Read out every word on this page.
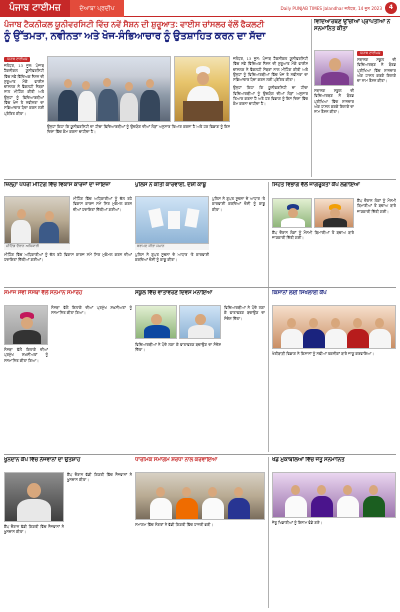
ਪੰਜਾਬ ਟਾਈਮਜ਼	ਦੋਆਬਾ ਪ੍ਰਦੀਪ	Daily PUNJAB TIMES Jalandhar ਜਲੰਧਰ, 14 ਜੂਨ 2023	4
ਪੰਜਾਬ ਟੈਕਨੀਕਲ ਯੂਨੀਵਰਸਿਟੀ ਵਿੱਚ ਨਵੇਂ ਸੈਸ਼ਨ ਦੀ ਸ਼ੁਰੂਆਤ: ਵਾਈਸ ਚਾਂਸਲਰ ਵੱਲੋਂ ਫੈਕਲਟੀ
ਨੂੰ ਉੱਤਮਤਾ, ਨਵੀਨਤਾ ਅਤੇ ਖੋਜ-ਸੰਭਿਆਚਾਰ ਨੂੰ ਉਤਸ਼ਾਹਿਤ ਕਰਨ ਦਾ ਸੱਦਾ
ਪੰਜਾਬ ਟਾਈਮਜ਼
ਜਲੰਧਰ, 13 ਜੂਨ: ਪੰਜਾਬ ਟੈਕਨੀਕਲ ਯੂਨੀਵਰਸਿਟੀ ਵਿੱਚ ਨਵੇਂ ਵਿੱਦਿਅਕ ਸੈਸ਼ਨ ਦੀ ਸ਼ੁਰੂਆਤ ਮੌਕੇ ਵਾਈਸ ਚਾਂਸਲਰ ਨੇ ਫੈਕਲਟੀ ਮੈਂਬਰਾਂ ਨਾਲ ਮੀਟਿੰਗ ਕੀਤੀ ਅਤੇ ਉਨ੍ਹਾਂ ਨੂੰ ਵਿਦਿਆਰਥੀਆਂ ਵਿੱਚ ਖੋਜ ਤੇ ਨਵੀਨਤਾ ਦਾ ਸਭਿਆਚਾਰ ਪੈਦਾ ਕਰਨ ਲਈ ਪ੍ਰੇਰਿਤ ਕੀਤਾ।
ਉਨ੍ਹਾਂ ਕਿਹਾ ਕਿ ਯੂਨੀਵਰਸਿਟੀ ਦਾ ਟੀਚਾ ਵਿਦਿਆਰਥੀਆਂ ਨੂੰ ਉਦਯੋਗ ਦੀਆਂ ਲੋੜਾਂ ਅਨੁਸਾਰ ਤਿਆਰ ਕਰਨਾ ਹੈ ਅਤੇ ਹਰ ਵਿਭਾਗ ਨੂੰ ਇਸ ਦਿਸ਼ਾ ਵਿੱਚ ਕੰਮ ਕਰਨਾ ਚਾਹੀਦਾ ਹੈ।
ਜਲੰਧਰ, 13 ਜੂਨ: ਪੰਜਾਬ ਟੈਕਨੀਕਲ ਯੂਨੀਵਰਸਿਟੀ ਵਿੱਚ ਨਵੇਂ ਵਿੱਦਿਅਕ ਸੈਸ਼ਨ ਦੀ ਸ਼ੁਰੂਆਤ ਮੌਕੇ ਵਾਈਸ ਚਾਂਸਲਰ ਨੇ ਫੈਕਲਟੀ ਮੈਂਬਰਾਂ ਨਾਲ ਮੀਟਿੰਗ ਕੀਤੀ ਅਤੇ ਉਨ੍ਹਾਂ ਨੂੰ ਵਿਦਿਆਰਥੀਆਂ ਵਿੱਚ ਖੋਜ ਤੇ ਨਵੀਨਤਾ ਦਾ ਸਭਿਆਚਾਰ ਪੈਦਾ ਕਰਨ ਲਈ ਪ੍ਰੇਰਿਤ ਕੀਤਾ।
ਉਨ੍ਹਾਂ ਕਿਹਾ ਕਿ ਯੂਨੀਵਰਸਿਟੀ ਦਾ ਟੀਚਾ ਵਿਦਿਆਰਥੀਆਂ ਨੂੰ ਉਦਯੋਗ ਦੀਆਂ ਲੋੜਾਂ ਅਨੁਸਾਰ ਤਿਆਰ ਕਰਨਾ ਹੈ ਅਤੇ ਹਰ ਵਿਭਾਗ ਨੂੰ ਇਸ ਦਿਸ਼ਾ ਵਿੱਚ ਕੰਮ ਕਰਨਾ ਚਾਹੀਦਾ ਹੈ।
ਵਿਦਿਆਰਥਣ ਉੱਚੀਆਂ ਪ੍ਰਾਪਤੀਆਂ ਨੇ ਸਨਮਾਨਿਤ ਕੀਤਾ
ਪੰਜਾਬ ਟਾਈਮਜ਼
ਸਥਾਨਕ ਸਕੂਲ ਦੀ ਵਿਦਿਆਰਥਣ ਨੇ ਬੋਰਡ ਪ੍ਰੀਖਿਆ ਵਿੱਚ ਸ਼ਾਨਦਾਰ ਅੰਕ ਹਾਸਲ ਕਰਕੇ ਇਲਾਕੇ ਦਾ ਨਾਮ ਰੌਸ਼ਨ ਕੀਤਾ।
ਸਥਾਨਕ ਸਕੂਲ ਦੀ ਵਿਦਿਆਰਥਣ ਨੇ ਬੋਰਡ ਪ੍ਰੀਖਿਆ ਵਿੱਚ ਸ਼ਾਨਦਾਰ ਅੰਕ ਹਾਸਲ ਕਰਕੇ ਇਲਾਕੇ ਦਾ ਨਾਮ ਰੌਸ਼ਨ ਕੀਤਾ।
ਜ਼ਿਲ੍ਹਾ ਪੱਧਰੀ ਮੀਟਿੰਗ ਵਿੱਚ ਵਿਕਾਸ ਕਾਰਜਾਂ ਦਾ ਜਾਇਜ਼ਾ
ਮੀਟਿੰਗ ਦੌਰਾਨ ਅਧਿਕਾਰੀ
ਮੀਟਿੰਗ ਵਿੱਚ ਅਧਿਕਾਰੀਆਂ ਨੂੰ ਚੱਲ ਰਹੇ ਵਿਕਾਸ ਕਾਰਜ ਸਮੇਂ ਸਿਰ ਮੁਕੰਮਲ ਕਰਨ ਦੀਆਂ ਹਦਾਇਤਾਂ ਦਿੱਤੀਆਂ ਗਈਆਂ।
ਮੀਟਿੰਗ ਵਿੱਚ ਅਧਿਕਾਰੀਆਂ ਨੂੰ ਚੱਲ ਰਹੇ ਵਿਕਾਸ ਕਾਰਜ ਸਮੇਂ ਸਿਰ ਮੁਕੰਮਲ ਕਰਨ ਦੀਆਂ ਹਦਾਇਤਾਂ ਦਿੱਤੀਆਂ ਗਈਆਂ।
ਪੁਲਿਸ ਨੇ ਕੀਤੀ ਕਾਰਵਾਈ, ਦੋਸ਼ੀ ਕਾਬੂ
ਬਰਾਮਦ ਕੀਤਾ ਸਮਾਨ
ਪੁਲਿਸ ਨੇ ਗੁਪਤ ਸੂਚਨਾ ਦੇ ਆਧਾਰ 'ਤੇ ਕਾਰਵਾਈ ਕਰਦਿਆਂ ਦੋਸ਼ੀ ਨੂੰ ਕਾਬੂ ਕੀਤਾ।
ਪੁਲਿਸ ਨੇ ਗੁਪਤ ਸੂਚਨਾ ਦੇ ਆਧਾਰ 'ਤੇ ਕਾਰਵਾਈ ਕਰਦਿਆਂ ਦੋਸ਼ੀ ਨੂੰ ਕਾਬੂ ਕੀਤਾ।
ਸਿਹਤ ਵਿਭਾਗ ਵੱਲੋਂ ਜਾਗਰੂਕਤਾ ਕੈਂਪ ਲਗਾਇਆ
ਕੈਂਪ ਦੌਰਾਨ ਲੋਕਾਂ ਨੂੰ ਮੌਸਮੀ ਬਿਮਾਰੀਆਂ ਤੋਂ ਬਚਾਅ ਬਾਰੇ ਜਾਣਕਾਰੀ ਦਿੱਤੀ ਗਈ।
ਕੈਂਪ ਦੌਰਾਨ ਲੋਕਾਂ ਨੂੰ ਮੌਸਮੀ ਬਿਮਾਰੀਆਂ ਤੋਂ ਬਚਾਅ ਬਾਰੇ ਜਾਣਕਾਰੀ ਦਿੱਤੀ ਗਈ।
ਸਮਾਜ ਸੇਵੀ ਸੰਸਥਾ ਵੱਲੋਂ ਸਨਮਾਨ ਸਮਾਰੋਹ
ਸੰਸਥਾ ਵੱਲੋਂ ਇਲਾਕੇ ਦੀਆਂ ਪ੍ਰਮੁੱਖ ਸ਼ਖ਼ਸੀਅਤਾਂ ਨੂੰ ਸਨਮਾਨਿਤ ਕੀਤਾ ਗਿਆ।
ਸੰਸਥਾ ਵੱਲੋਂ ਇਲਾਕੇ ਦੀਆਂ ਪ੍ਰਮੁੱਖ ਸ਼ਖ਼ਸੀਅਤਾਂ ਨੂੰ ਸਨਮਾਨਿਤ ਕੀਤਾ ਗਿਆ।
ਸਕੂਲ ਵਿੱਚ ਵਾਤਾਵਰਣ ਦਿਵਸ ਮਨਾਇਆ
ਵਿਦਿਆਰਥੀਆਂ ਨੇ ਪੌਦੇ ਲਗਾ ਕੇ ਵਾਤਾਵਰਣ ਬਚਾਉਣ ਦਾ ਸੰਦੇਸ਼ ਦਿੱਤਾ।
ਵਿਦਿਆਰਥੀਆਂ ਨੇ ਪੌਦੇ ਲਗਾ ਕੇ ਵਾਤਾਵਰਣ ਬਚਾਉਣ ਦਾ ਸੰਦੇਸ਼ ਦਿੱਤਾ।
ਕਿਸਾਨਾਂ ਲਈ ਸਿਖਲਾਈ ਕੈਂਪ
ਖੇਤੀਬਾੜੀ ਵਿਭਾਗ ਨੇ ਕਿਸਾਨਾਂ ਨੂੰ ਨਵੀਆਂ ਤਕਨੀਕਾਂ ਬਾਰੇ ਜਾਣੂ ਕਰਵਾਇਆ।
ਖੂਨਦਾਨ ਕੈਂਪ ਵਿੱਚ ਨੌਜਵਾਨਾਂ ਦਾ ਉਤਸ਼ਾਹ
ਕੈਂਪ ਦੌਰਾਨ ਵੱਡੀ ਗਿਣਤੀ ਵਿੱਚ ਨੌਜਵਾਨਾਂ ਨੇ ਖੂਨਦਾਨ ਕੀਤਾ।
ਕੈਂਪ ਦੌਰਾਨ ਵੱਡੀ ਗਿਣਤੀ ਵਿੱਚ ਨੌਜਵਾਨਾਂ ਨੇ ਖੂਨਦਾਨ ਕੀਤਾ।
ਧਾਰਮਿਕ ਸਮਾਗਮ ਸ਼ਰਧਾ ਨਾਲ ਕਰਵਾਇਆ
ਸਮਾਗਮ ਵਿੱਚ ਸੰਗਤਾਂ ਨੇ ਵੱਡੀ ਗਿਣਤੀ ਵਿੱਚ ਹਾਜ਼ਰੀ ਭਰੀ।
ਖੇਡ ਮੁਕਾਬਲਿਆਂ ਵਿੱਚ ਜੇਤੂ ਸਨਮਾਨਿਤ
ਜੇਤੂ ਖਿਡਾਰੀਆਂ ਨੂੰ ਇਨਾਮ ਵੰਡੇ ਗਏ।
